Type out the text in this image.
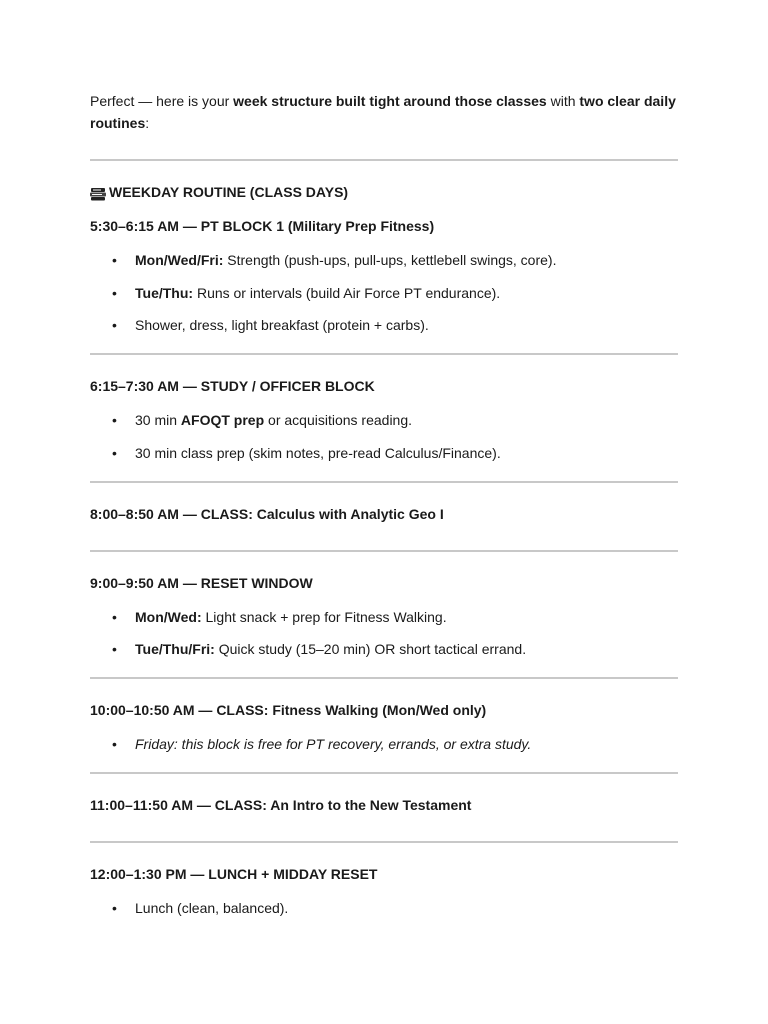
Perfect — here is your week structure built tight around those classes with two clear daily routines:

WEEKDAY ROUTINE (CLASS DAYS)

5:30–6:15 AM — PT BLOCK 1 (Military Prep Fitness)

• Mon/Wed/Fri: Strength (push-ups, pull-ups, kettlebell swings, core).
• Tue/Thu: Runs or intervals (build Air Force PT endurance).
• Shower, dress, light breakfast (protein + carbs).

6:15–7:30 AM — STUDY / OFFICER BLOCK

• 30 min AFOQT prep or acquisitions reading.
• 30 min class prep (skim notes, pre-read Calculus/Finance).

8:00–8:50 AM — CLASS: Calculus with Analytic Geo I

9:00–9:50 AM — RESET WINDOW

• Mon/Wed: Light snack + prep for Fitness Walking.
• Tue/Thu/Fri: Quick study (15–20 min) OR short tactical errand.

10:00–10:50 AM — CLASS: Fitness Walking (Mon/Wed only)

• Friday: this block is free for PT recovery, errands, or extra study.

11:00–11:50 AM — CLASS: An Intro to the New Testament

12:00–1:30 PM — LUNCH + MIDDAY RESET

• Lunch (clean, balanced).
